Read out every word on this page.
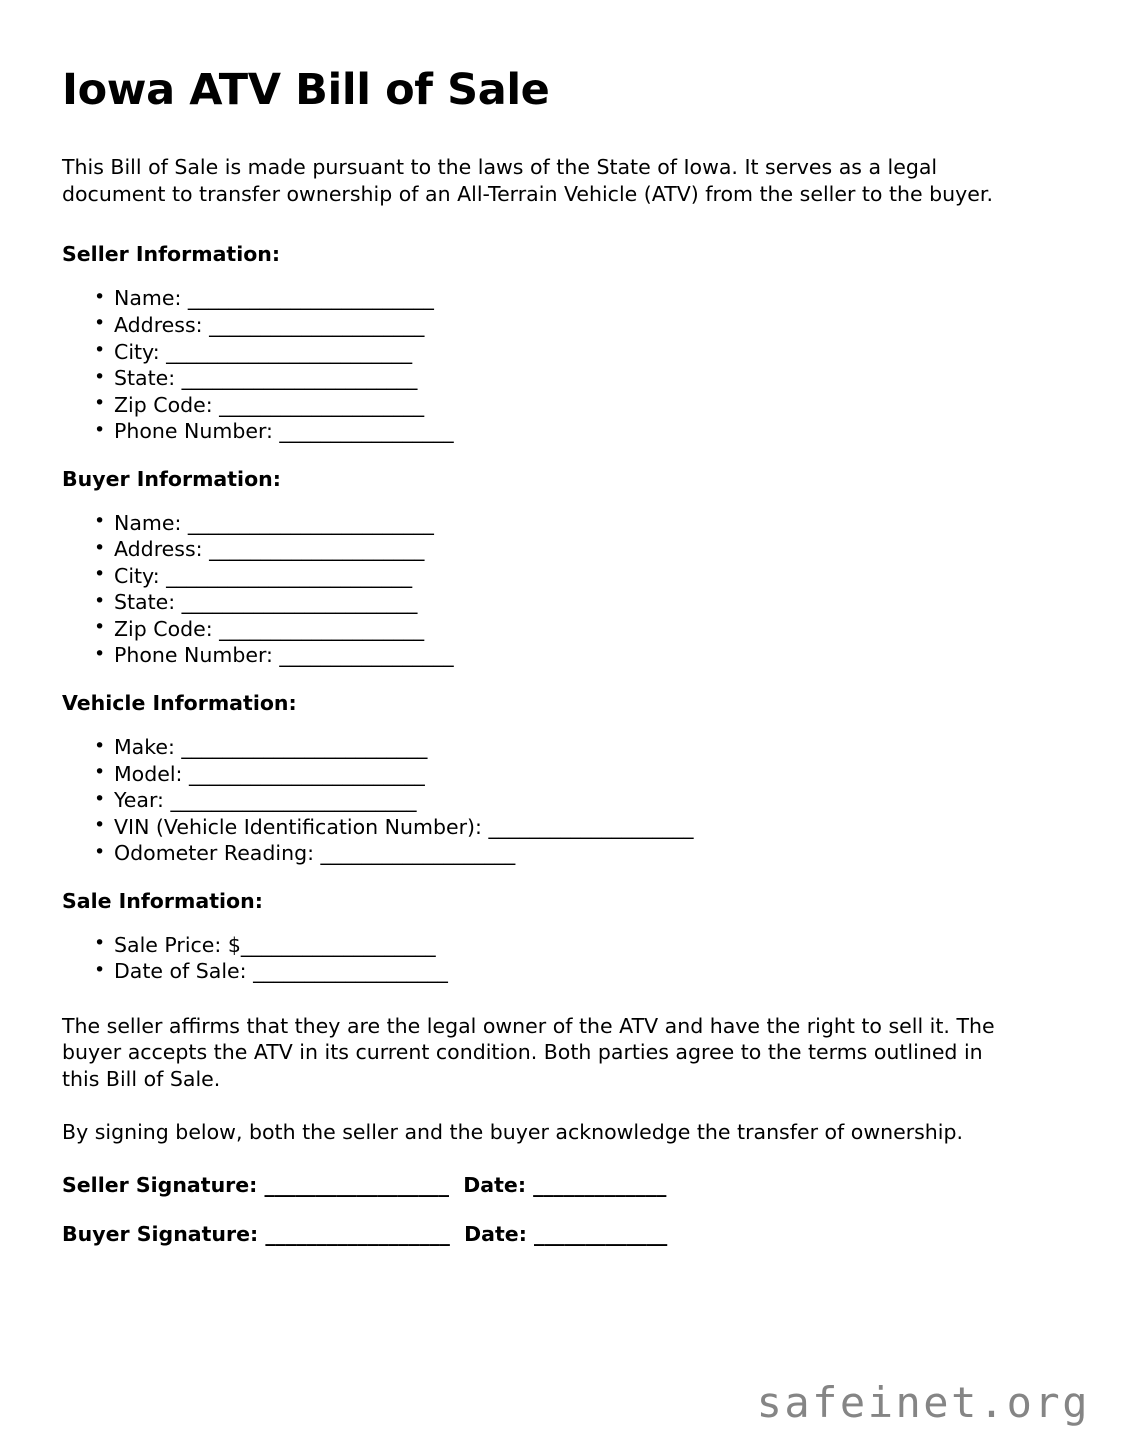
Iowa ATV Bill of Sale

This Bill of Sale is made pursuant to the laws of the State of Iowa. It serves as a legal document to transfer ownership of an All-Terrain Vehicle (ATV) from the seller to the buyer.

Seller Information:
• Name: ________________________
• Address: _____________________
• City: ________________________
• State: _______________________
• Zip Code: ____________________
• Phone Number: _________________
Buyer Information:
• Name: ________________________
• Address: _____________________
• City: ________________________
• State: _______________________
• Zip Code: ____________________
• Phone Number: _________________
Vehicle Information:
• Make: ________________________
• Model: _______________________
• Year: ________________________
• VIN (Vehicle Identification Number): ____________________
• Odometer Reading: ___________________
Sale Information:
• Sale Price: $___________________
• Date of Sale: ___________________

The seller affirms that they are the legal owner of the ATV and have the right to sell it. The buyer accepts the ATV in its current condition. Both parties agree to the terms outlined in this Bill of Sale.

By signing below, both the seller and the buyer acknowledge the transfer of ownership.

Seller Signature: __________________  Date: _____________
Buyer Signature: __________________  Date: _____________
safeinet.org
